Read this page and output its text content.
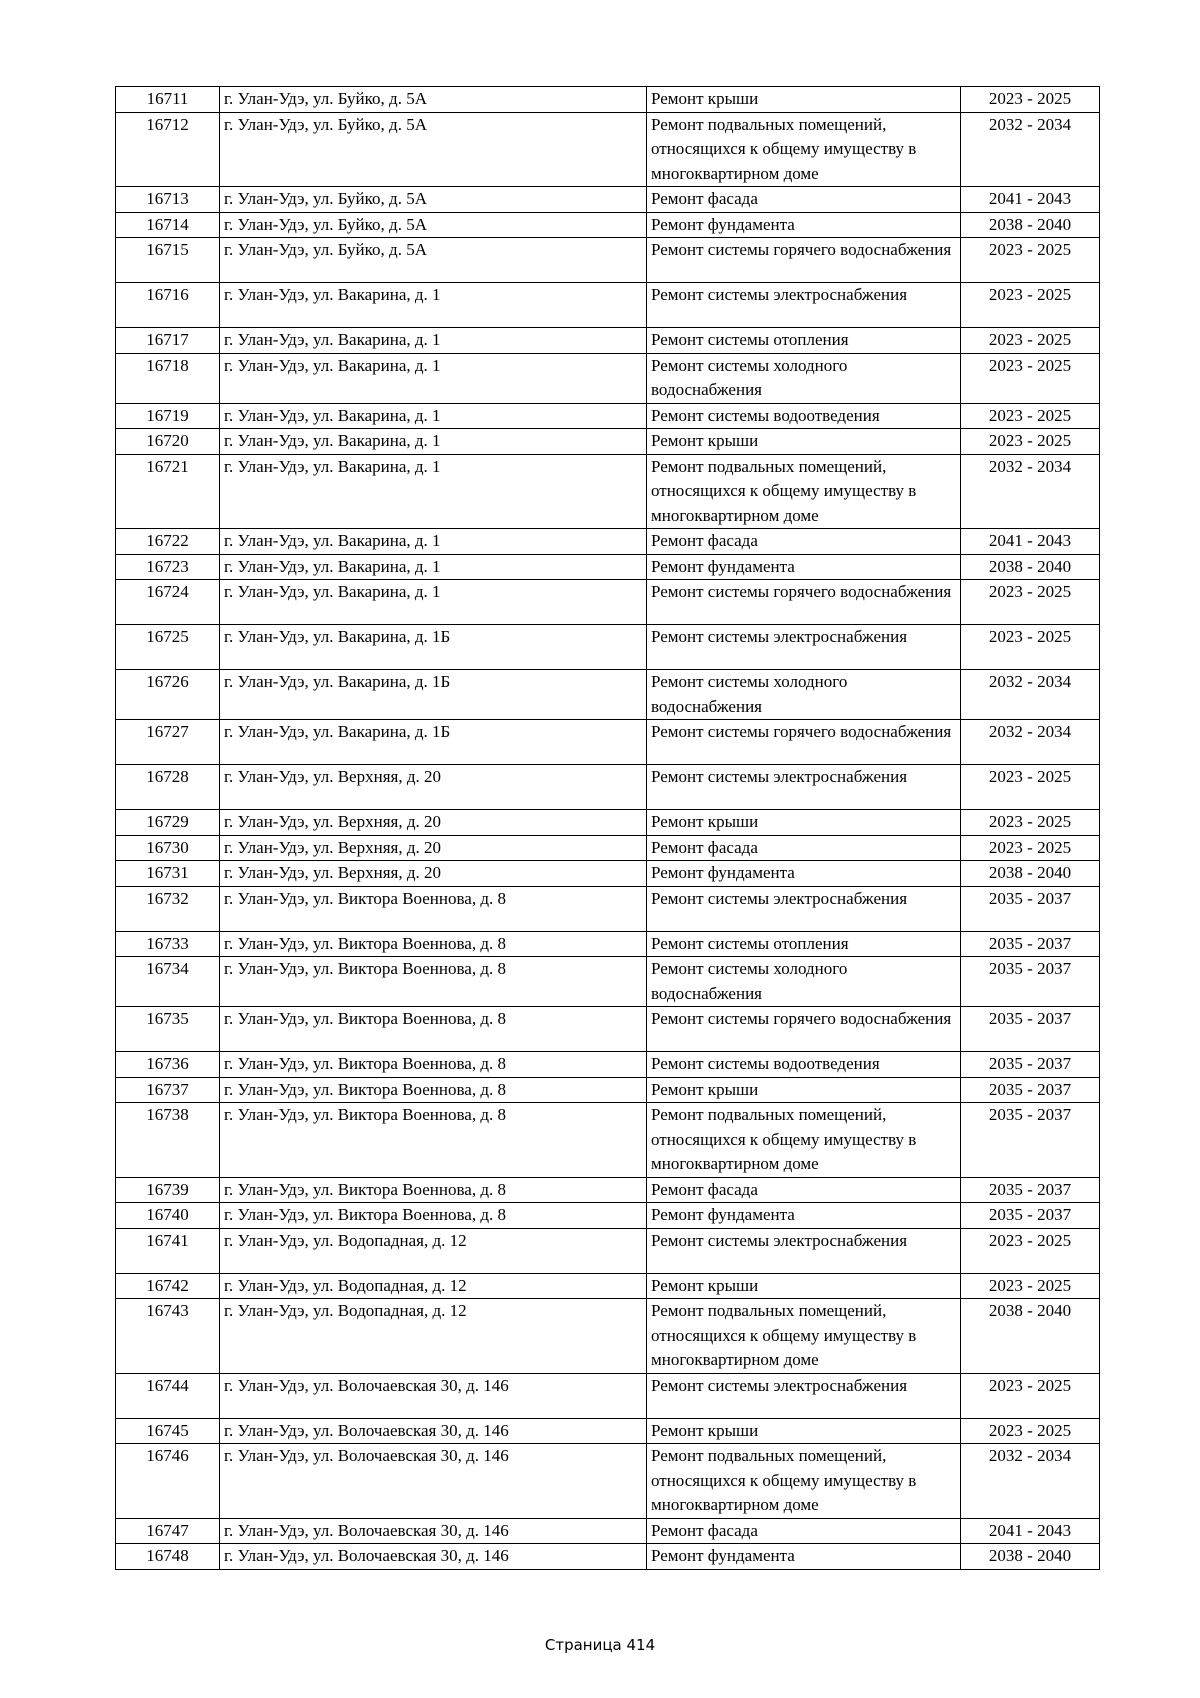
16711	г. Улан-Удэ, ул. Буйко, д. 5А	Ремонт крыши	2023 - 2025
16712	г. Улан-Удэ, ул. Буйко, д. 5А	Ремонт подвальных помещений, относящихся к общему имуществу в многоквартирном доме	2032 - 2034
16713	г. Улан-Удэ, ул. Буйко, д. 5А	Ремонт фасада	2041 - 2043
16714	г. Улан-Удэ, ул. Буйко, д. 5А	Ремонт фундамента	2038 - 2040
16715	г. Улан-Удэ, ул. Буйко, д. 5А	Ремонт системы горячего водоснабжения	2023 - 2025
16716	г. Улан-Удэ, ул. Вакарина, д. 1	Ремонт системы электроснабжения	2023 - 2025
16717	г. Улан-Удэ, ул. Вакарина, д. 1	Ремонт системы отопления	2023 - 2025
16718	г. Улан-Удэ, ул. Вакарина, д. 1	Ремонт системы холодного водоснабжения	2023 - 2025
16719	г. Улан-Удэ, ул. Вакарина, д. 1	Ремонт системы водоотведения	2023 - 2025
16720	г. Улан-Удэ, ул. Вакарина, д. 1	Ремонт крыши	2023 - 2025
16721	г. Улан-Удэ, ул. Вакарина, д. 1	Ремонт подвальных помещений, относящихся к общему имуществу в многоквартирном доме	2032 - 2034
16722	г. Улан-Удэ, ул. Вакарина, д. 1	Ремонт фасада	2041 - 2043
16723	г. Улан-Удэ, ул. Вакарина, д. 1	Ремонт фундамента	2038 - 2040
16724	г. Улан-Удэ, ул. Вакарина, д. 1	Ремонт системы горячего водоснабжения	2023 - 2025
16725	г. Улан-Удэ, ул. Вакарина, д. 1Б	Ремонт системы электроснабжения	2023 - 2025
16726	г. Улан-Удэ, ул. Вакарина, д. 1Б	Ремонт системы холодного водоснабжения	2032 - 2034
16727	г. Улан-Удэ, ул. Вакарина, д. 1Б	Ремонт системы горячего водоснабжения	2032 - 2034
16728	г. Улан-Удэ, ул. Верхняя, д. 20	Ремонт системы электроснабжения	2023 - 2025
16729	г. Улан-Удэ, ул. Верхняя, д. 20	Ремонт крыши	2023 - 2025
16730	г. Улан-Удэ, ул. Верхняя, д. 20	Ремонт фасада	2023 - 2025
16731	г. Улан-Удэ, ул. Верхняя, д. 20	Ремонт фундамента	2038 - 2040
16732	г. Улан-Удэ, ул. Виктора Военнова, д. 8	Ремонт системы электроснабжения	2035 - 2037
16733	г. Улан-Удэ, ул. Виктора Военнова, д. 8	Ремонт системы отопления	2035 - 2037
16734	г. Улан-Удэ, ул. Виктора Военнова, д. 8	Ремонт системы холодного водоснабжения	2035 - 2037
16735	г. Улан-Удэ, ул. Виктора Военнова, д. 8	Ремонт системы горячего водоснабжения	2035 - 2037
16736	г. Улан-Удэ, ул. Виктора Военнова, д. 8	Ремонт системы водоотведения	2035 - 2037
16737	г. Улан-Удэ, ул. Виктора Военнова, д. 8	Ремонт крыши	2035 - 2037
16738	г. Улан-Удэ, ул. Виктора Военнова, д. 8	Ремонт подвальных помещений, относящихся к общему имуществу в многоквартирном доме	2035 - 2037
16739	г. Улан-Удэ, ул. Виктора Военнова, д. 8	Ремонт фасада	2035 - 2037
16740	г. Улан-Удэ, ул. Виктора Военнова, д. 8	Ремонт фундамента	2035 - 2037
16741	г. Улан-Удэ, ул. Водопадная, д. 12	Ремонт системы электроснабжения	2023 - 2025
16742	г. Улан-Удэ, ул. Водопадная, д. 12	Ремонт крыши	2023 - 2025
16743	г. Улан-Удэ, ул. Водопадная, д. 12	Ремонт подвальных помещений, относящихся к общему имуществу в многоквартирном доме	2038 - 2040
16744	г. Улан-Удэ, ул. Волочаевская 30, д. 146	Ремонт системы электроснабжения	2023 - 2025
16745	г. Улан-Удэ, ул. Волочаевская 30, д. 146	Ремонт крыши	2023 - 2025
16746	г. Улан-Удэ, ул. Волочаевская 30, д. 146	Ремонт подвальных помещений, относящихся к общему имуществу в многоквартирном доме	2032 - 2034
16747	г. Улан-Удэ, ул. Волочаевская 30, д. 146	Ремонт фасада	2041 - 2043
16748	г. Улан-Удэ, ул. Волочаевская 30, д. 146	Ремонт фундамента	2038 - 2040
Страница 414
